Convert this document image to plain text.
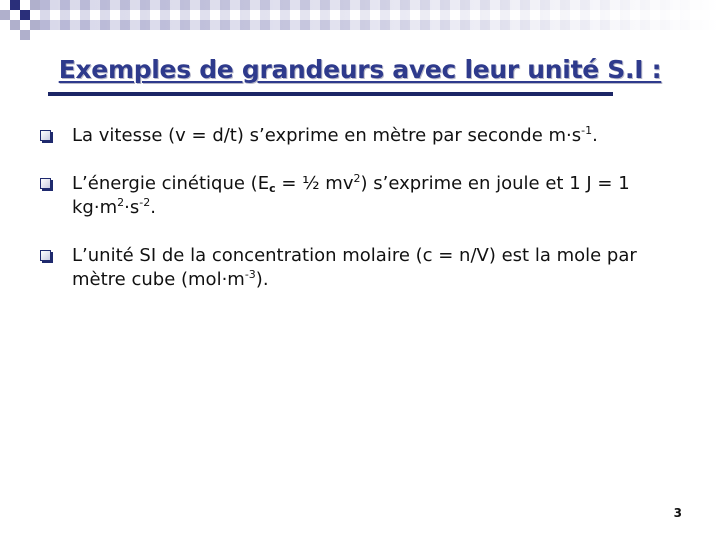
Exemples de grandeurs avec leur unité S.I :
La vitesse (v = d/t) s’exprime en mètre par seconde $m\cdot s^{-1}$.
L’énergie cinétique ($E_c$ = ½ $mv^2$) s’exprime en joule et 1 J = 1 $kg\cdot m^2\cdot s^{-2}$.
L’unité SI de la concentration molaire (c = n/V) est la mole par mètre cube $(mol\cdot m^{-3})$.
3
